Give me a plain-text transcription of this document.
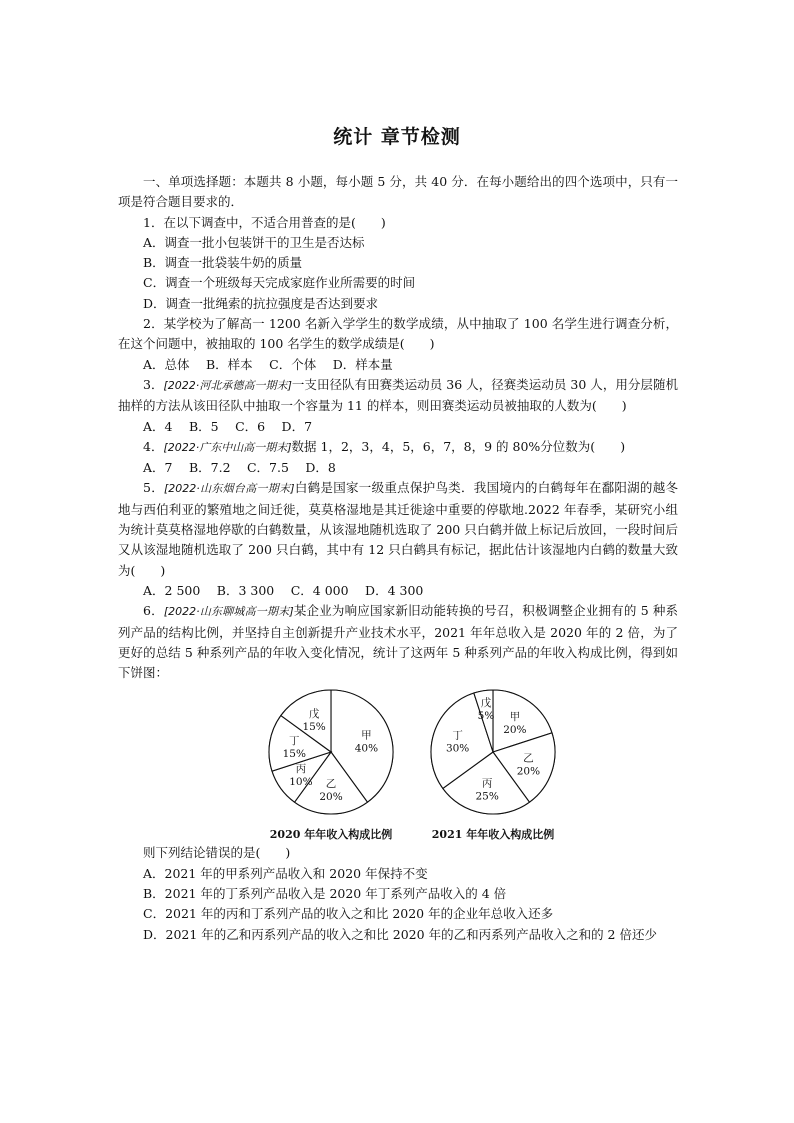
统计 章节检测

一、单项选择题：本题共 8 小题，每小题 5 分，共 40 分．在每小题给出的四个选项中，只有一项是符合题目要求的．

1．在以下调查中，不适合用普查的是(　　)

A．调查一批小包装饼干的卫生是否达标

B．调查一批袋装牛奶的质量

C．调查一个班级每天完成家庭作业所需要的时间

D．调查一批绳索的抗拉强度是否达到要求

2．某学校为了解高一 1200 名新入学学生的数学成绩，从中抽取了 100 名学生进行调查分析，在这个问题中，被抽取的 100 名学生的数学成绩是(　　)

A．总体　 B．样本　 C．个体　 D．样本量

3．[2022·河北承德高一期末]一支田径队有田赛类运动员 36 人，径赛类运动员 30 人，用分层随机抽样的方法从该田径队中抽取一个容量为 11 的样本，则田赛类运动员被抽取的人数为(　　)

A．4　 B．5　 C．6　 D．7

4．[2022·广东中山高一期末]数据 1，2，3，4，5，6，7，8，9 的 80%分位数为(　　)

A．7　 B．7.2　 C．7.5　 D．8

5．[2022·山东烟台高一期末]白鹤是国家一级重点保护鸟类．我国境内的白鹤每年在鄱阳湖的越冬地与西伯利亚的繁殖地之间迁徙，莫莫格湿地是其迁徙途中重要的停歇地.2022 年春季，某研究小组为统计莫莫格湿地停歇的白鹤数量，从该湿地随机选取了 200 只白鹤并做上标记后放回，一段时间后又从该湿地随机选取了 200 只白鹤，其中有 12 只白鹤具有标记，据此估计该湿地内白鹤的数量大致为(　　)

A．2 500　 B．3 300　 C．4 000　 D．4 300

6．[2022·山东聊城高一期末]某企业为响应国家新旧动能转换的号召，积极调整企业拥有的 5 种系列产品的结构比例，并坚持自主创新提升产业技术水平，2021 年年总收入是 2020 年的 2 倍，为了更好的总结 5 种系列产品的年收入变化情况，统计了这两年 5 种系列产品的年收入构成比例，得到如下饼图：

甲
40%
乙
20%
丙
10%
丁
15%
戊
15%
2020 年年收入构成比例
甲
20%
乙
20%
丙
25%
丁
30%
戊
5%
2021 年年收入构成比例

则下列结论错误的是(　　)

A．2021 年的甲系列产品收入和 2020 年保持不变

B．2021 年的丁系列产品收入是 2020 年丁系列产品收入的 4 倍

C．2021 年的丙和丁系列产品的收入之和比 2020 年的企业年总收入还多

D．2021 年的乙和丙系列产品的收入之和比 2020 年的乙和丙系列产品收入之和的 2 倍还少
